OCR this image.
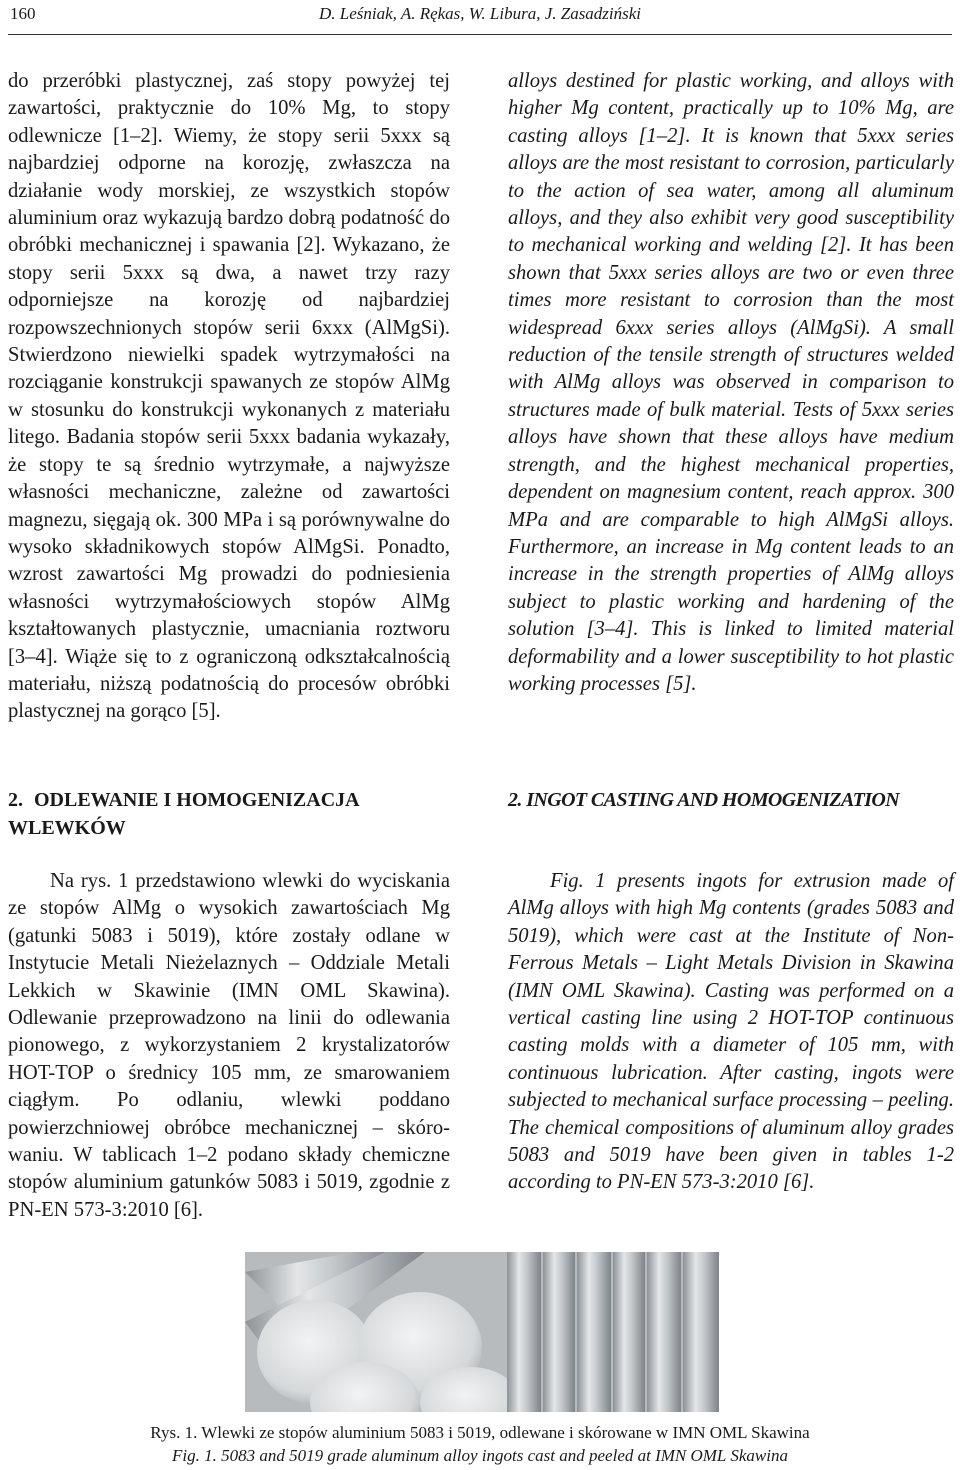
160	D. Leśniak, A. Rękas, W. Libura, J. Zasadziński

do przeróbki plastycznej, zaś stopy powyżej tej zawartości, praktycznie do 10% Mg, to stopy odlewnicze [1–2]. Wiemy, że stopy serii 5xxx są najbardziej odporne na korozję, zwłaszcza na działanie wody morskiej, ze wszystkich stopów aluminium oraz wykazują bardzo dobrą podatność do obróbki mechanicznej i spawania [2]. Wykazano, że stopy serii 5xxx są dwa, a nawet trzy razy odporniejsze na korozję od najbardziej rozpowszechnionych stopów serii 6xxx (AlMgSi). Stwierdzono niewielki spadek wytrzymałości na rozciąganie konstrukcji spawanych ze stopów AlMg w stosunku do konstrukcji wykonanych z materiału litego. Badania stopów serii 5xxx badania wykazały, że stopy te są średnio wytrzymałe, a najwyższe własności mechaniczne, zależne od zawartości magnezu, sięgają ok. 300 MPa i są porównywalne do wysoko składnikowych stopów AlMgSi. Ponadto, wzrost zawartości Mg prowadzi do podniesienia własności wytrzymałościowych stopów AlMg kształtowanych plastycznie, umacniania roztworu [3–4]. Wiąże się to z ograniczoną odkształcalnością materiału, niższą podatnością do procesów obróbki plastycznej na gorąco [5].

2. ODLEWANIE I HOMOGENIZACJA WLEWKÓW

Na rys. 1 przedstawiono wlewki do wyciskania ze stopów AlMg o wysokich zawartościach Mg (gatunki 5083 i 5019), które zostały odlane w Instytucie Metali Nieżelaznych – Oddziale Metali Lekkich w Skawinie (IMN OML Skawina). Odlewanie przeprowadzono na linii do odlewania pionowego, z wykorzystaniem 2 krystalizatorów HOT-TOP o średnicy 105 mm, ze smarowaniem ciągłym. Po odlaniu, wlewki poddano powierzchniowej obróbce mechanicznej – skórowaniu. W tablicach 1–2 podano składy chemiczne stopów aluminium gatunków 5083 i 5019, zgodnie z PN-EN 573-3:2010 [6].

alloys destined for plastic working, and alloys with higher Mg content, practically up to 10% Mg, are casting alloys [1–2]. It is known that 5xxx series alloys are the most resistant to corrosion, particularly to the action of sea water, among all aluminum alloys, and they also exhibit very good susceptibility to mechanical working and welding [2]. It has been shown that 5xxx series alloys are two or even three times more resistant to corrosion than the most widespread 6xxx series alloys (AlMgSi). A small reduction of the tensile strength of structures welded with AlMg alloys was observed in comparison to structures made of bulk material. Tests of 5xxx series alloys have shown that these alloys have medium strength, and the highest mechanical properties, dependent on magnesium content, reach approx. 300 MPa and are comparable to high AlMgSi alloys. Furthermore, an increase in Mg content leads to an increase in the strength properties of AlMg alloys subject to plastic working and hardening of the solution [3–4]. This is linked to limited material deformability and a lower susceptibility to hot plastic working processes [5].

2. INGOT CASTING AND HOMOGENIZATION

Fig. 1 presents ingots for extrusion made of AlMg alloys with high Mg contents (grades 5083 and 5019), which were cast at the Institute of Non-Ferrous Metals – Light Metals Division in Skawina (IMN OML Skawina). Casting was performed on a vertical casting line using 2 HOT-TOP continuous casting molds with a diameter of 105 mm, with continuous lubrication. After casting, ingots were subjected to mechanical surface processing – peeling. The chemical compositions of aluminum alloy grades 5083 and 5019 have been given in tables 1-2 according to PN-EN 573-3:2010 [6].

Rys. 1. Wlewki ze stopów aluminium 5083 i 5019, odlewane i skórowane w IMN OML Skawina
Fig. 1. 5083 and 5019 grade aluminum alloy ingots cast and peeled at IMN OML Skawina
